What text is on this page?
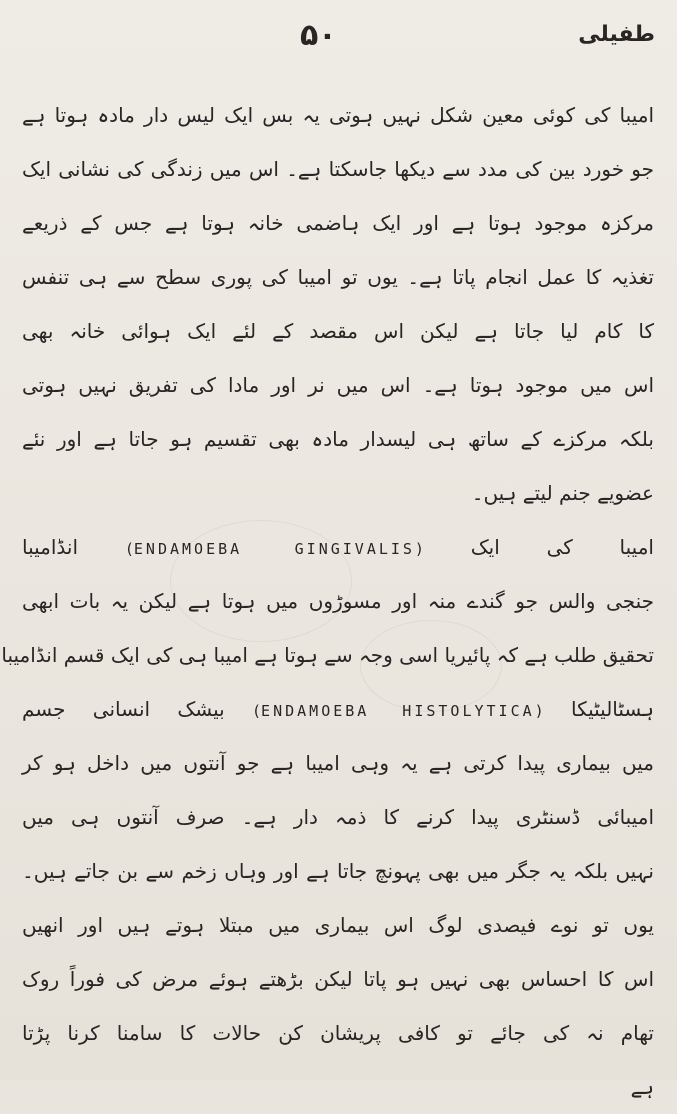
طفیلی
۵۰
امیبا کی کوئی معین شکل نہیں ہوتی یہ بس ایک لیس دار مادہ ہوتا ہے
جو خورد بین کی مدد سے دیکھا جاسکتا ہے۔ اس میں زندگی کی نشانی ایک
مرکزہ موجود ہوتا ہے اور ایک ہاضمی خانہ ہوتا ہے جس کے ذریعے
تغذیہ کا عمل انجام پاتا ہے۔ یوں تو امیبا کی پوری سطح سے ہی تنفس
کا کام لیا جاتا ہے لیکن اس مقصد کے لئے ایک ہوائی خانہ بھی
اس میں موجود ہوتا ہے۔ اس میں نر اور مادا کی تفریق نہیں ہوتی
بلکہ مرکزے کے ساتھ ہی لیسدار مادہ بھی تقسیم ہو جاتا ہے اور نئے
عضویے جنم لیتے ہیں۔
امیبا کی ایک (ENDAMOEBA GINGIVALIS) انڈامیبا
جنجی والس جو گندے منہ اور مسوڑوں میں ہوتا ہے لیکن یہ بات ابھی
تحقیق طلب ہے کہ پائیریا اسی وجہ سے ہوتا ہے امیبا ہی کی ایک قسم انڈامیبا
ہسٹالیٹیکا (ENDAMOEBA HISTOLYTICA) بیشک انسانی جسم
میں بیماری پیدا کرتی ہے یہ وہی امیبا ہے جو آنتوں میں داخل ہو کر
امیبائی ڈسنٹری پیدا کرنے کا ذمہ دار ہے۔ صرف آنتوں ہی میں
نہیں بلکہ یہ جگر میں بھی پہونچ جاتا ہے اور وہاں زخم سے بن جاتے ہیں۔
یوں تو نوے فیصدی لوگ اس بیماری میں مبتلا ہوتے ہیں اور انھیں
اس کا احساس بھی نہیں ہو پاتا لیکن بڑھتے ہوئے مرض کی فوراً روک
تھام نہ کی جائے تو کافی پریشان کن حالات کا سامنا کرنا پڑتا
ہے
